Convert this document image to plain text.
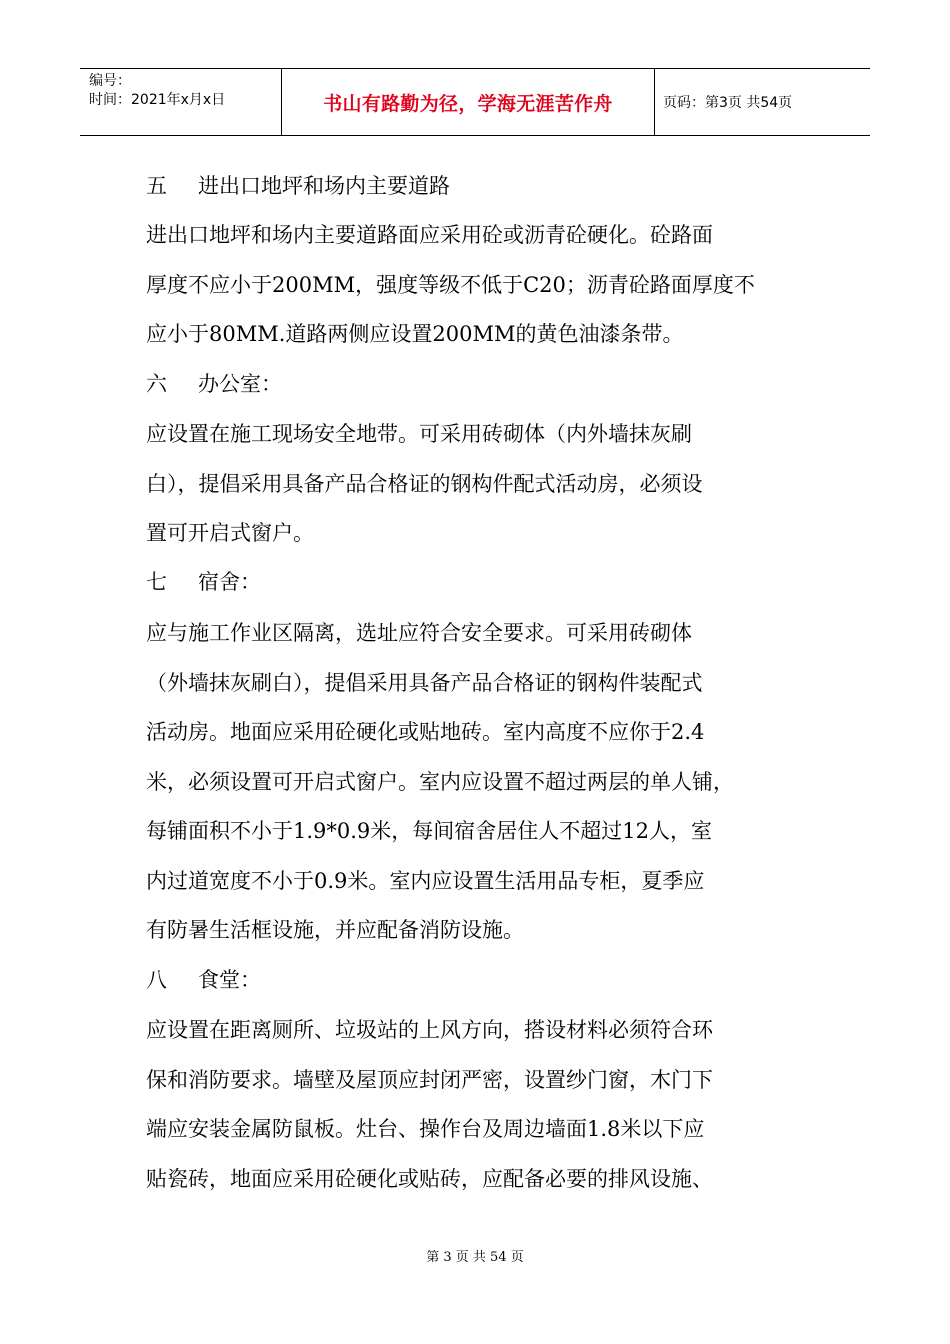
编号：
时间：2021年x月x日	书山有路勤为径，学海无涯苦作舟	页码：第3页 共54页
五 进出口地坪和场内主要道路
进出口地坪和场内主要道路面应采用砼或沥青砼硬化。砼路面
厚度不应小于200MM，强度等级不低于C20；沥青砼路面厚度不
应小于80MM.道路两侧应设置200MM的黄色油漆条带。
六 办公室：
应设置在施工现场安全地带。可采用砖砌体（内外墙抹灰刷
白），提倡采用具备产品合格证的钢构件配式活动房，必须设
置可开启式窗户。
七 宿舍：
应与施工作业区隔离，选址应符合安全要求。可采用砖砌体
（外墙抹灰刷白），提倡采用具备产品合格证的钢构件装配式
活动房。地面应采用砼硬化或贴地砖。室内高度不应你于2.4
米，必须设置可开启式窗户。室内应设置不超过两层的单人铺，
每铺面积不小于1.9*0.9米，每间宿舍居住人不超过12人，室
内过道宽度不小于0.9米。室内应设置生活用品专柜，夏季应
有防暑生活框设施，并应配备消防设施。
八 食堂：
应设置在距离厕所、垃圾站的上风方向，搭设材料必须符合环
保和消防要求。墙壁及屋顶应封闭严密，设置纱门窗，木门下
端应安装金属防鼠板。灶台、操作台及周边墙面1.8米以下应
贴瓷砖，地面应采用砼硬化或贴砖，应配备必要的排风设施、
第 3 页 共 54 页
